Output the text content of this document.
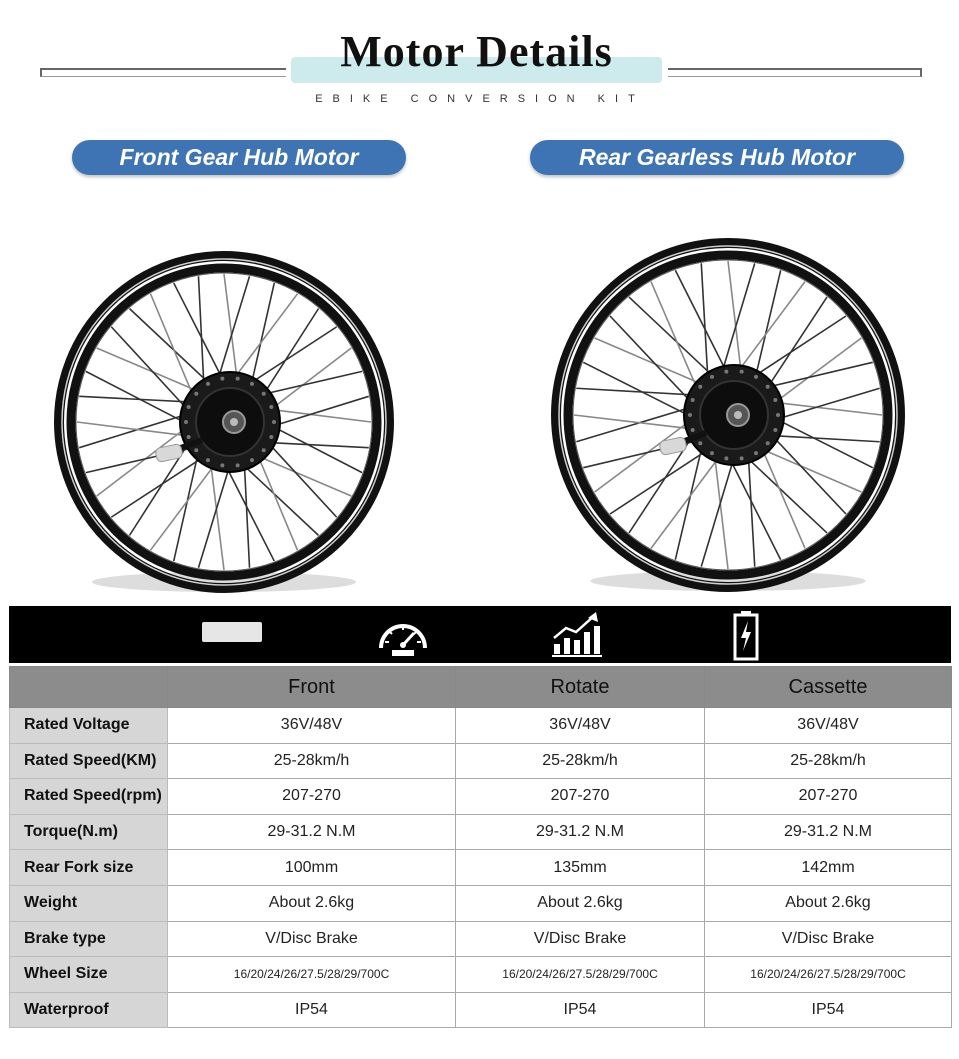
Motor Details
EBIKE CONVERSION KIT
Front Gear Hub Motor	Rear Gearless Hub Motor
	Front	Rotate	Cassette
Rated Voltage	36V/48V	36V/48V	36V/48V
Rated Speed(KM)	25-28km/h	25-28km/h	25-28km/h
Rated Speed(rpm)	207-270	207-270	207-270
Torque(N.m)	29-31.2 N.M	29-31.2 N.M	29-31.2 N.M
Rear Fork size	100mm	135mm	142mm
Weight	About 2.6kg	About 2.6kg	About 2.6kg
Brake type	V/Disc Brake	V/Disc Brake	V/Disc Brake
Wheel Size	16/20/24/26/27.5/28/29/700C	16/20/24/26/27.5/28/29/700C	16/20/24/26/27.5/28/29/700C
Waterproof	IP54	IP54	IP54
